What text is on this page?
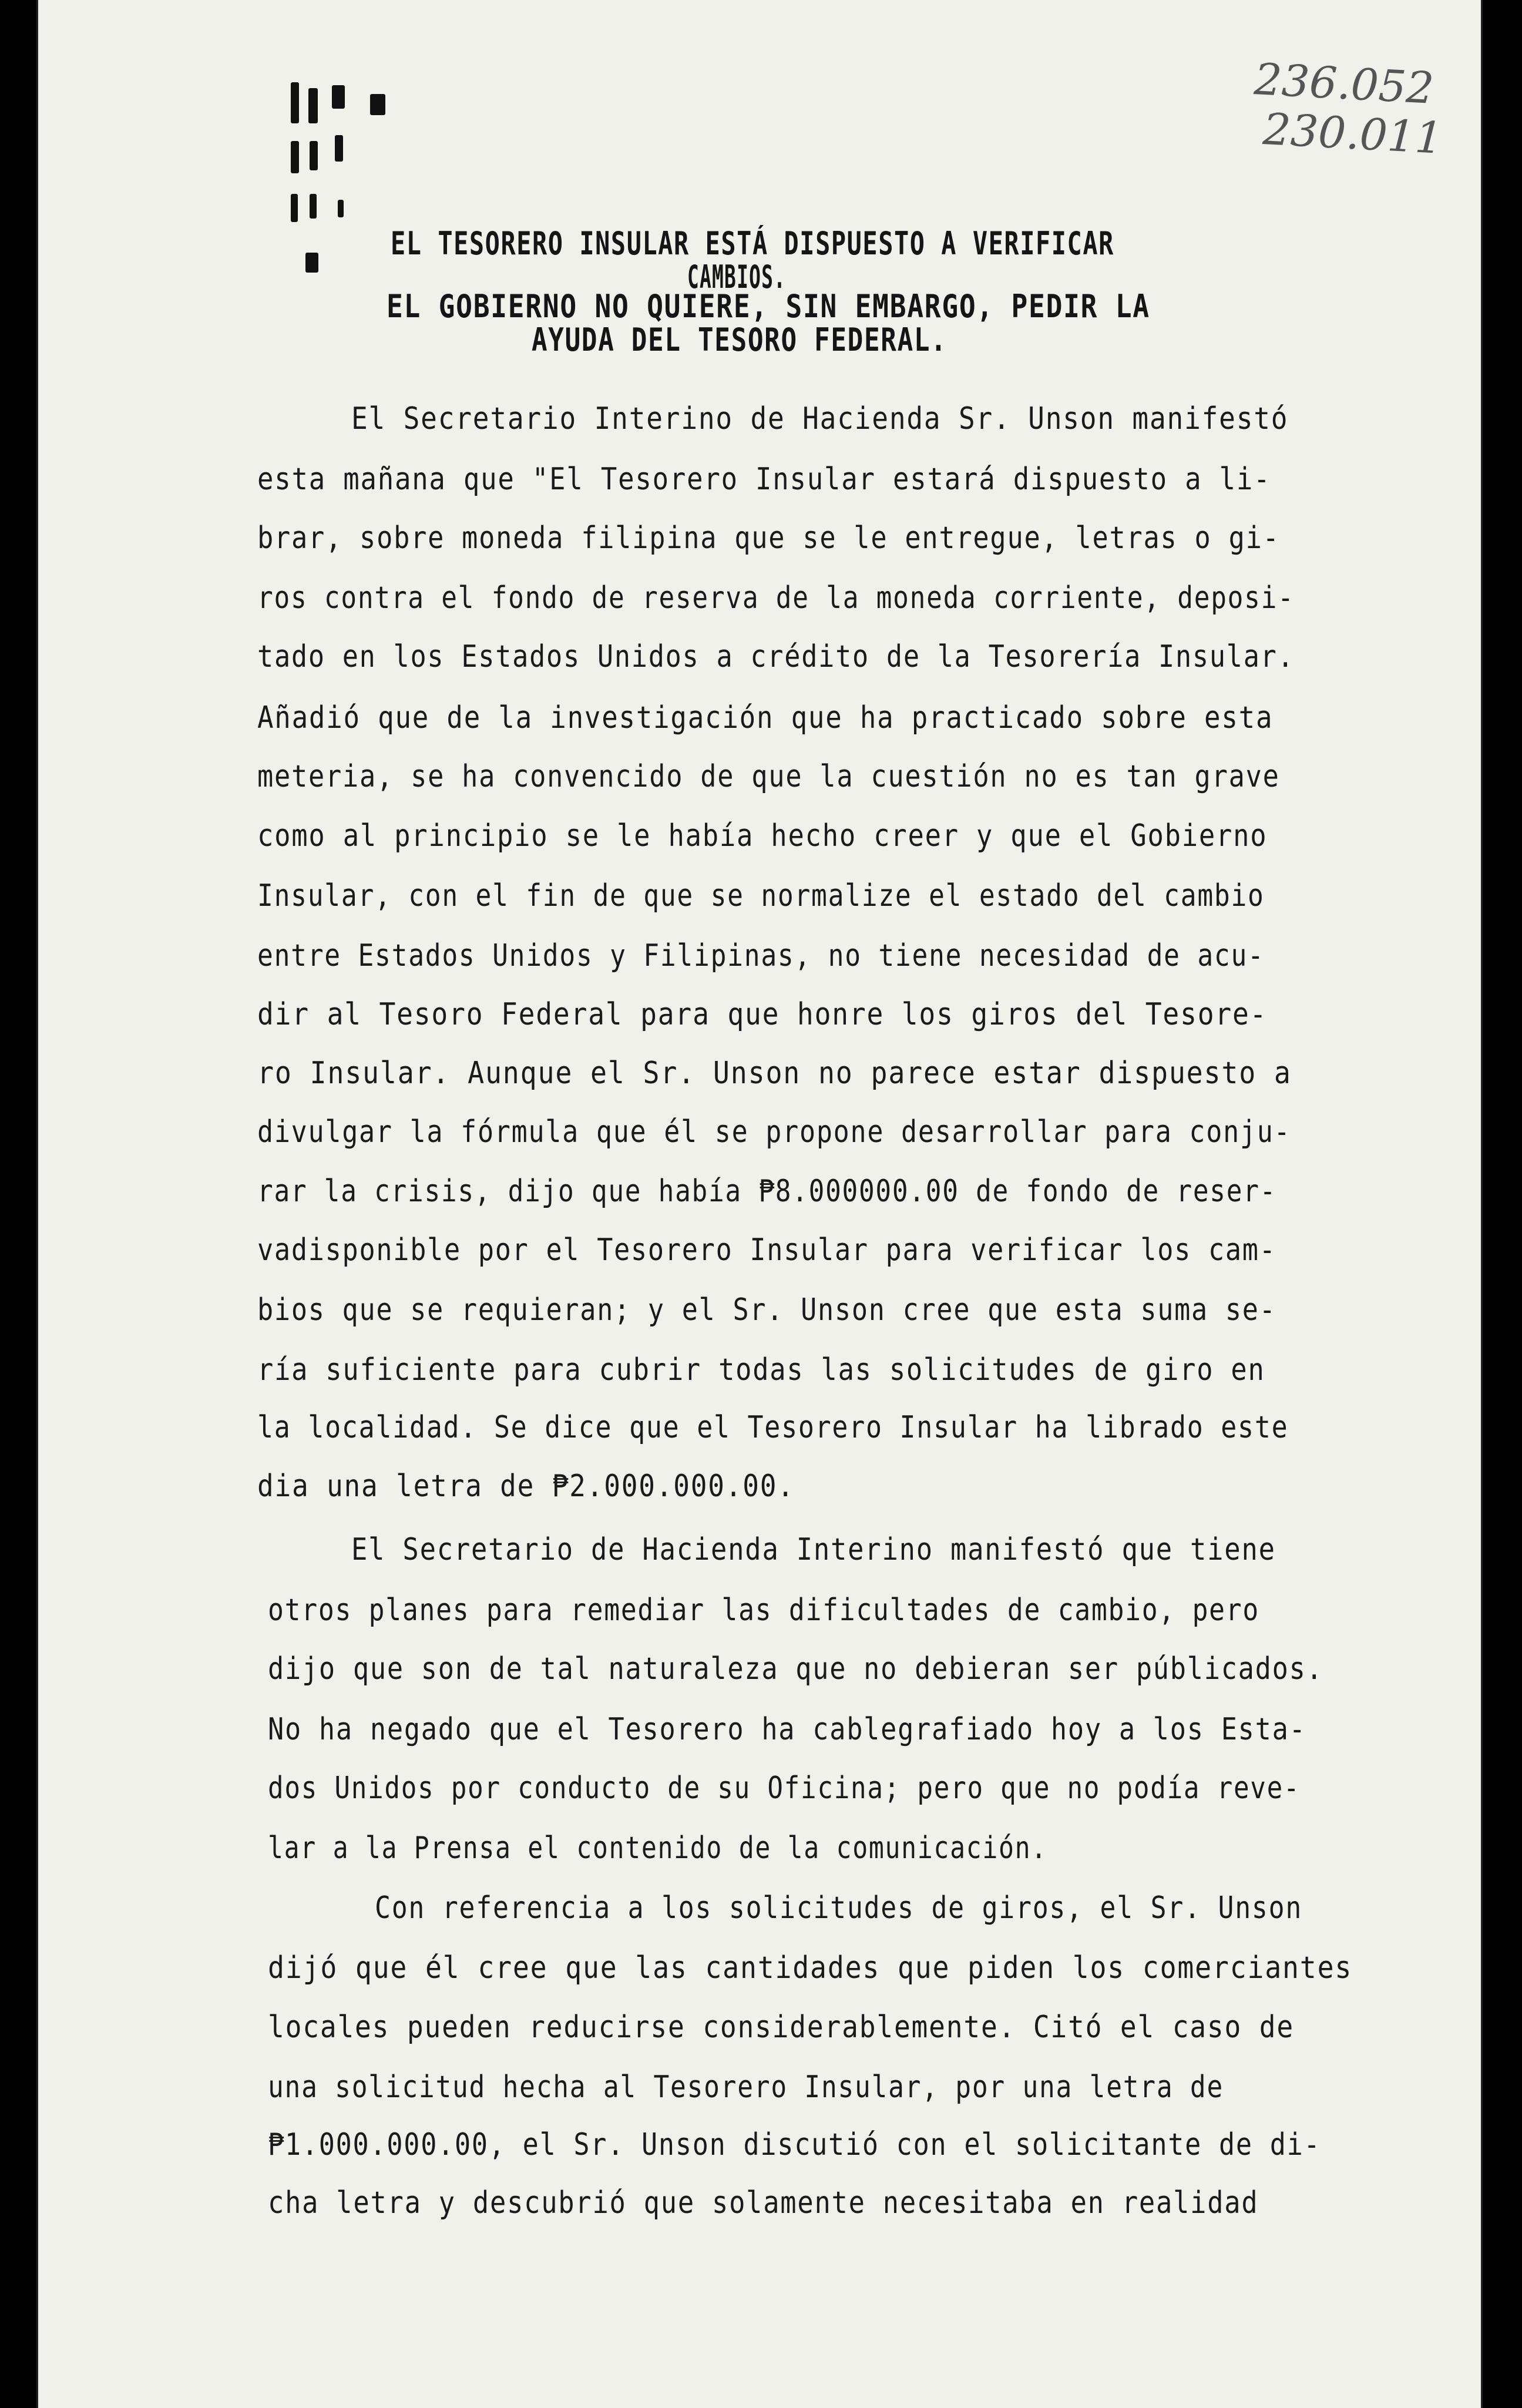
236.052
230.011
EL TESORERO INSULAR ESTÁ DISPUESTO A VERIFICAR
CAMBIOS.
EL GOBIERNO NO QUIERE, SIN EMBARGO, PEDIR LA
AYUDA DEL TESORO FEDERAL.
El Secretario Interino de Hacienda Sr. Unson manifestó
esta mañana que "El Tesorero Insular estará dispuesto a li-
brar, sobre moneda filipina que se le entregue, letras o gi-
ros contra el fondo de reserva de la moneda corriente, deposi-
tado en los Estados Unidos a crédito de la Tesorería Insular.
Añadió que de la investigación que ha practicado sobre esta
meteria, se ha convencido de que la cuestión no es tan grave
como al principio se le había hecho creer y que el Gobierno
Insular, con el fin de que se normalize el estado del cambio
entre Estados Unidos y Filipinas, no tiene necesidad de acu-
dir al Tesoro Federal para que honre los giros del Tesore-
ro Insular. Aunque el Sr. Unson no parece estar dispuesto a
divulgar la fórmula que él se propone desarrollar para conju-
rar la crisis, dijo que había ₱8.000000.00 de fondo de reser-
vadisponible por el Tesorero Insular para verificar los cam-
bios que se requieran; y el Sr. Unson cree que esta suma se-
ría suficiente para cubrir todas las solicitudes de giro en
la localidad. Se dice que el Tesorero Insular ha librado este
dia una letra de ₱2.000.000.00.
El Secretario de Hacienda Interino manifestó que tiene
otros planes para remediar las dificultades de cambio, pero
dijo que son de tal naturaleza que no debieran ser públicados.
No ha negado que el Tesorero ha cablegrafiado hoy a los Esta-
dos Unidos por conducto de su Oficina; pero que no podía reve-
lar a la Prensa el contenido de la comunicación.
Con referencia a los solicitudes de giros, el Sr. Unson
dijó que él cree que las cantidades que piden los comerciantes
locales pueden reducirse considerablemente. Citó el caso de
una solicitud hecha al Tesorero Insular, por una letra de
₱1.000.000.00, el Sr. Unson discutió con el solicitante de di-
cha letra y descubrió que solamente necesitaba en realidad
